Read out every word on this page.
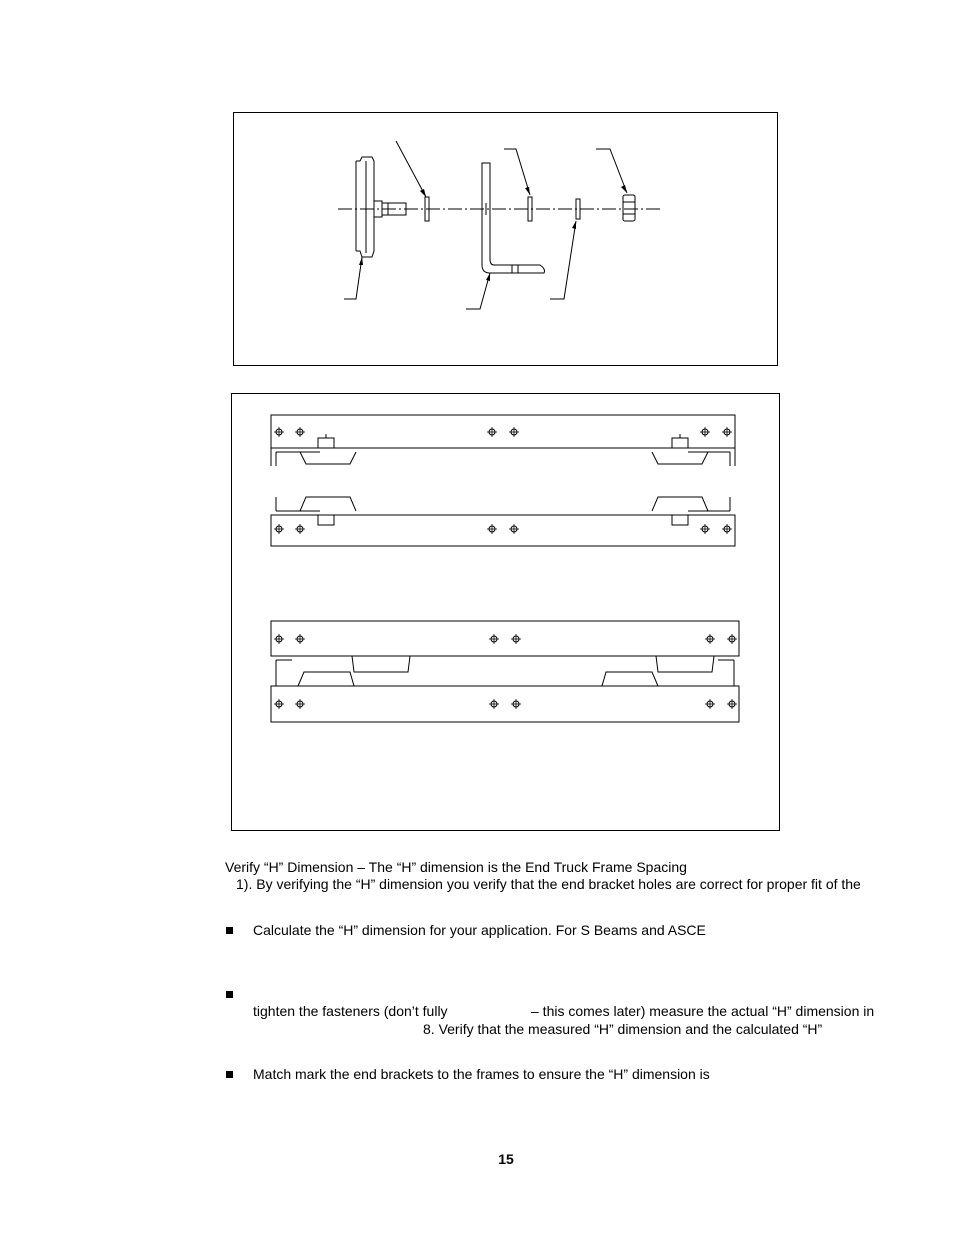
Verify “H” Dimension – The “H” dimension is the End Truck Frame Spacing
1). By verifying the “H” dimension you verify that the end bracket holes are correct for proper fit of the
Calculate the “H” dimension for your application. For S Beams and ASCE
tighten the fasteners (don’t fully	– this comes later) measure the actual “H” dimension in
8. Verify that the measured “H” dimension and the calculated “H”
Match mark the end brackets to the frames to ensure the “H” dimension is
15
